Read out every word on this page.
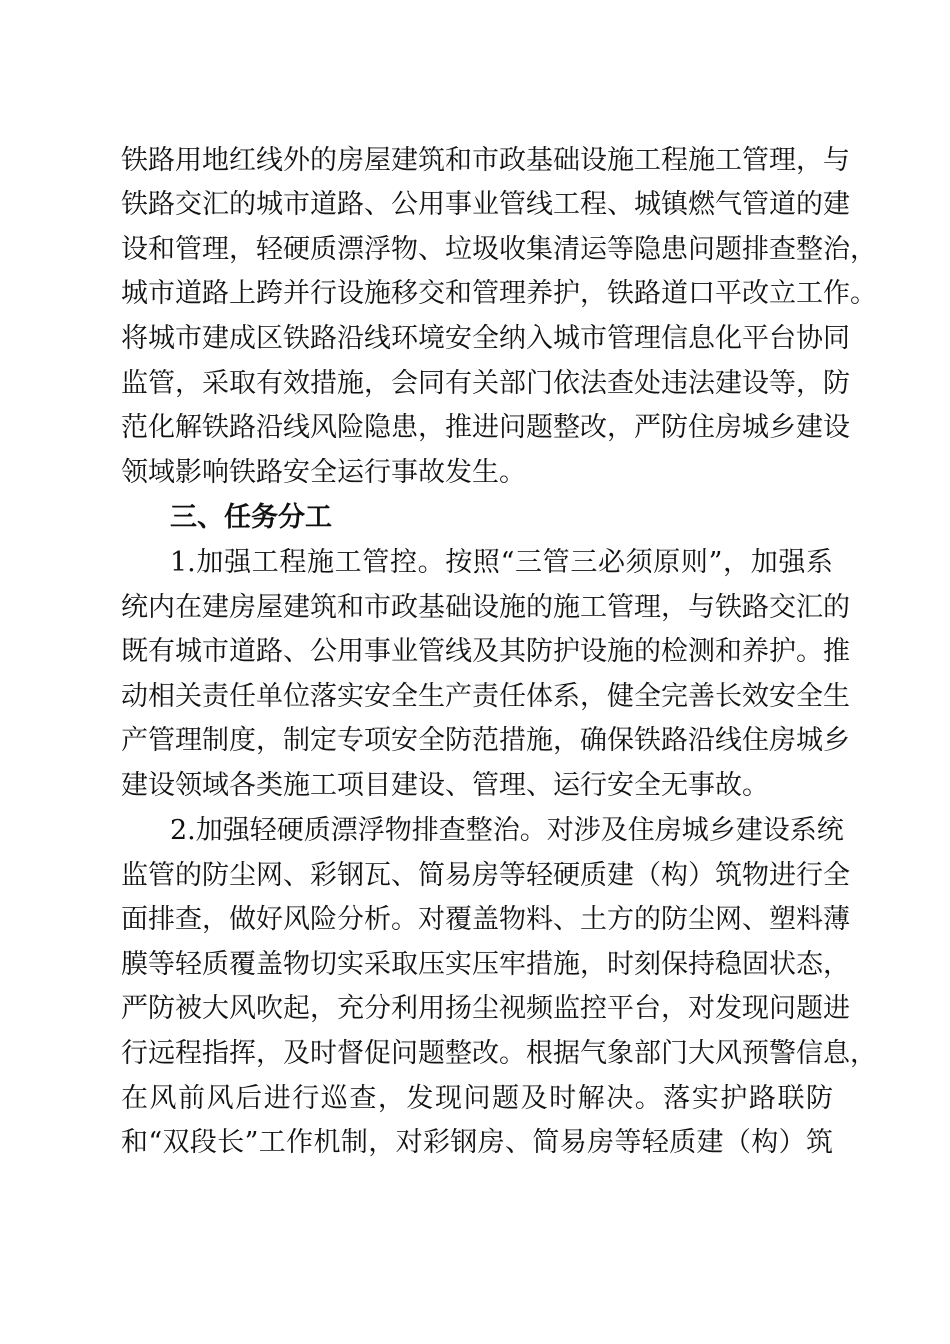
铁路用地红线外的房屋建筑和市政基础设施工程施工管理，与
铁路交汇的城市道路、公用事业管线工程、城镇燃气管道的建
设和管理，轻硬质漂浮物、垃圾收集清运等隐患问题排查整治，
城市道路上跨并行设施移交和管理养护，铁路道口平改立工作。
将城市建成区铁路沿线环境安全纳入城市管理信息化平台协同
监管，采取有效措施，会同有关部门依法查处违法建设等，防
范化解铁路沿线风险隐患，推进问题整改，严防住房城乡建设
领域影响铁路安全运行事故发生。
三、任务分工
1.加强工程施工管控。按照“三管三必须原则”，加强系
统内在建房屋建筑和市政基础设施的施工管理，与铁路交汇的
既有城市道路、公用事业管线及其防护设施的检测和养护。推
动相关责任单位落实安全生产责任体系，健全完善长效安全生
产管理制度，制定专项安全防范措施，确保铁路沿线住房城乡
建设领域各类施工项目建设、管理、运行安全无事故。
2.加强轻硬质漂浮物排查整治。对涉及住房城乡建设系统
监管的防尘网、彩钢瓦、简易房等轻硬质建（构）筑物进行全
面排查，做好风险分析。对覆盖物料、土方的防尘网、塑料薄
膜等轻质覆盖物切实采取压实压牢措施，时刻保持稳固状态，
严防被大风吹起，充分利用扬尘视频监控平台，对发现问题进
行远程指挥，及时督促问题整改。根据气象部门大风预警信息，
在风前风后进行巡查，发现问题及时解决。落实护路联防
和“双段长”工作机制，对彩钢房、简易房等轻质建（构）筑
